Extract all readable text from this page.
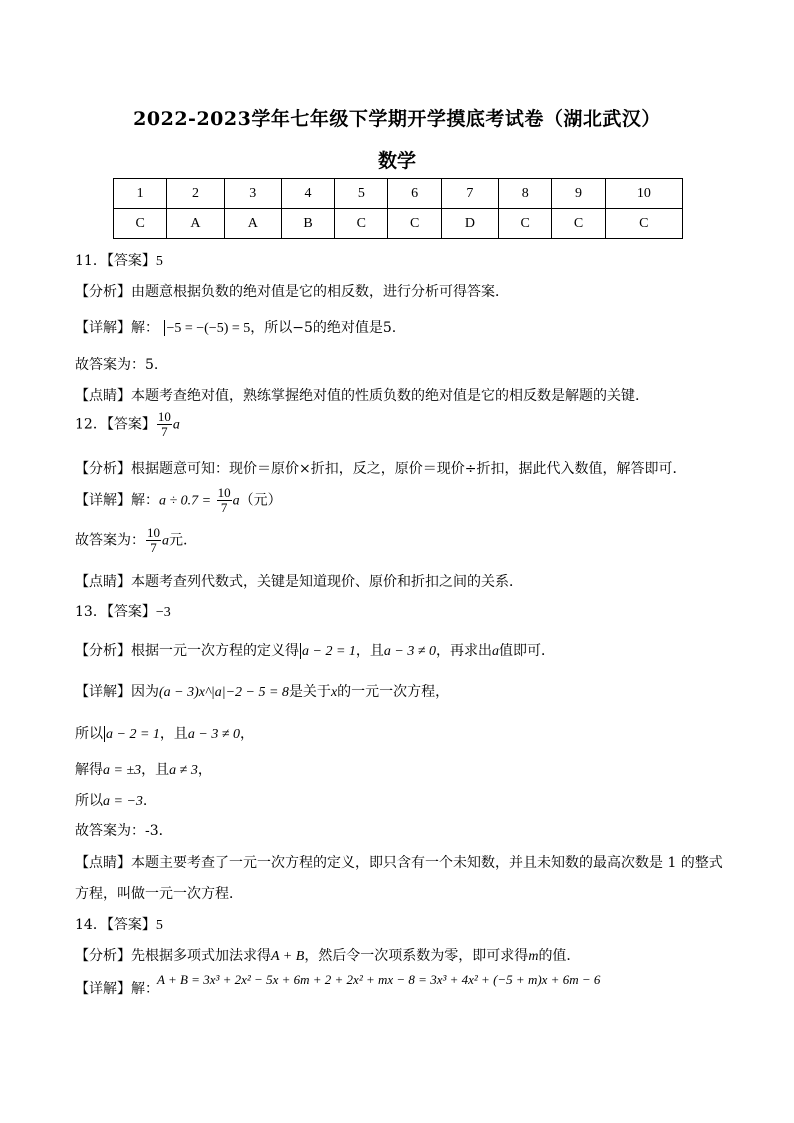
2022-2023学年七年级下学期开学摸底考试卷（湖北武汉）
数学
1	2	3	4	5	6	7	8	9	10
C	A	A	B	C	C	D	C	C	C
11．【答案】5
【分析】由题意根据负数的绝对值是它的相反数，进行分析可得答案．
【详解】解： −5 = −(−5) = 5，所以−5的绝对值是5.
故答案为：5.
【点睛】本题考查绝对值，熟练掌握绝对值的性质负数的绝对值是它的相反数是解题的关键.
12．【答案】 $\frac{10}{7}$ a
【分析】根据题意可知：现价＝原价×折扣，反之，原价＝现价÷折扣，据此代入数值，解答即可．
【详解】解：$a \div 0.7 = \frac{10}{7} a$（元）
故答案为： $\frac{10}{7}$ a元.
【点睛】本题考查列代数式，关键是知道现价、原价和折扣之间的关系．
13．【答案】−3
【分析】根据一元一次方程的定义得 a − 2 = 1，且a − 3 ≠ 0，再求出a值即可．
【详解】因为(a − 3)x^|a|−2 − 5 = 8是关于x的一元一次方程，
所以 a − 2 = 1，且a − 3 ≠ 0，
解得a = ±3，且a ≠ 3，
所以a = −3.
故答案为：-3．
【点睛】本题主要考查了一元一次方程的定义，即只含有一个未知数，并且未知数的最高次数是 1 的整式
方程，叫做一元一次方程．
14．【答案】5
【分析】先根据多项式加法求得A + B，然后令一次项系数为零，即可求得m的值．
【详解】解：
A + B = 3x³ + 2x² − 5x + 6m + 2 + 2x² + mx − 8 = 3x³ + 4x² + (−5 + m)x + 6m − 6
